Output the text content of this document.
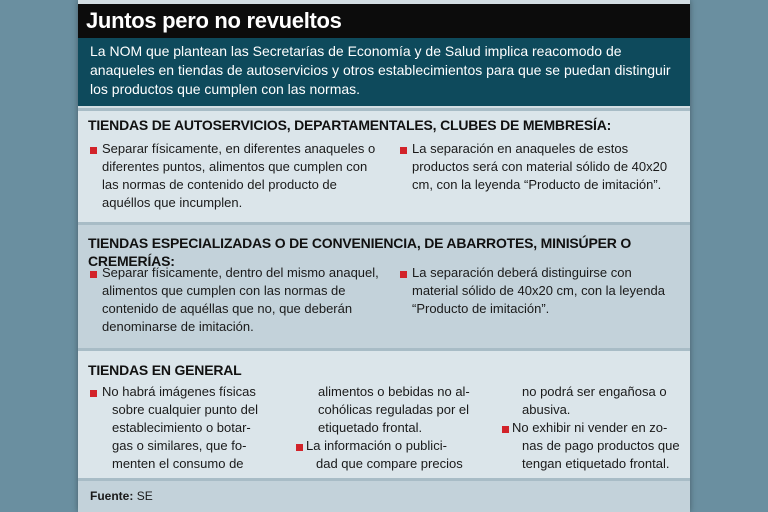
Juntos pero no revueltos

La NOM que plantean las Secretarías de Economía y de Salud implica reacomodo de anaqueles en tiendas de autoservicios y otros establecimientos para que se puedan distinguir los productos que cumplen con las normas.

TIENDAS DE AUTOSERVICIOS, DEPARTAMENTALES, CLUBES DE MEMBRESÍA:

Separar físicamente, en diferentes anaqueles o diferentes puntos, alimentos que cumplen con las normas de contenido del producto de aquéllos que incumplen.

La separación en anaqueles de estos productos será con material sólido de 40x20 cm, con la leyenda “Producto de imitación”.

TIENDAS ESPECIALIZADAS O DE CONVENIENCIA, DE ABARROTES, MINISÚPER O CREMERÍAS:

Separar físicamente, dentro del mismo anaquel, alimentos que cumplen con las normas de contenido de aquéllas que no, que deberán denominarse de imitación.

La separación deberá distinguirse con material sólido de 40x20 cm, con la leyenda “Producto de imitación”.

TIENDAS EN GENERAL
No habrá imágenes físicas
sobre cualquier punto del
establecimiento o botar-
gas o similares, que fo-
menten el consumo de
alimentos o bebidas no al-
cohólicas reguladas por el
etiquetado frontal.
La información o publici-
dad que compare precios
no podrá ser engañosa o
abusiva.
No exhibir ni vender en zo-
nas de pago productos que
tengan etiquetado frontal.
Fuente: SE
